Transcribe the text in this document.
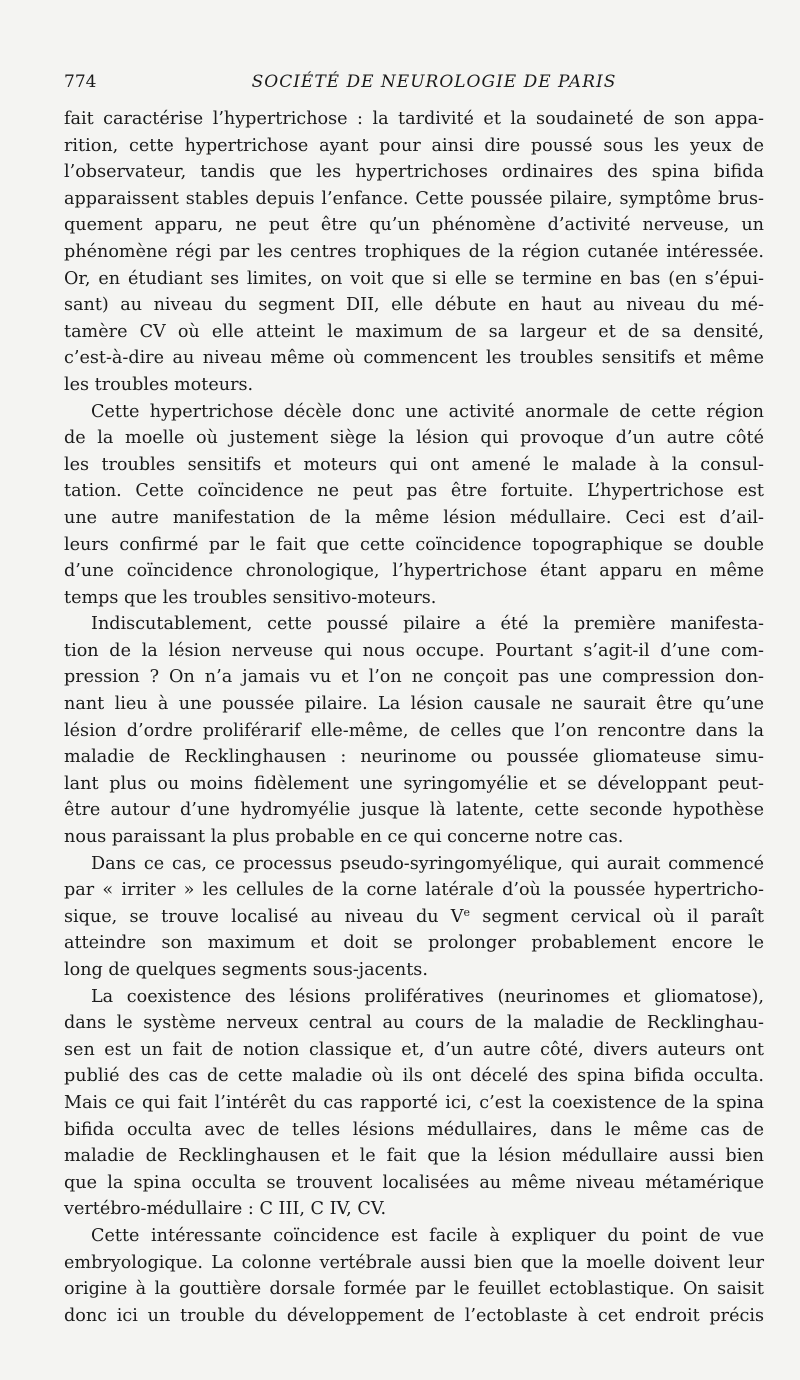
774	SOCIÉTÉ DE NEUROLOGIE DE PARIS
fait caractérise l’hypertrichose : la tardivité et la soudaineté de son appa-
rition, cette hypertrichose ayant pour ainsi dire poussé sous les yeux de
l’observateur, tandis que les hypertrichoses ordinaires des spina bifida
apparaissent stables depuis l’enfance. Cette poussée pilaire, symptôme brus-
quement apparu, ne peut être qu’un phénomène d’activité nerveuse, un
phénomène régi par les centres trophiques de la région cutanée intéressée.
Or, en étudiant ses limites, on voit que si elle se termine en bas (en s’épui-
sant) au niveau du segment DII, elle débute en haut au niveau du mé-
tamère CV où elle atteint le maximum de sa largeur et de sa densité,
c’est-à-dire au niveau même où commencent les troubles sensitifs et même
les troubles moteurs.
Cette hypertrichose décèle donc une activité anormale de cette région
de la moelle où justement siège la lésion qui provoque d’un autre côté
les troubles sensitifs et moteurs qui ont amené le malade à la consul-
tation. Cette coïncidence ne peut pas être fortuite. L’hypertrichose est
une autre manifestation de la même lésion médullaire. Ceci est d’ail-
leurs confirmé par le fait que cette coïncidence topographique se double
d’une coïncidence chronologique, l’hypertrichose étant apparu en même
temps que les troubles sensitivo-moteurs.
Indiscutablement, cette poussé pilaire a été la première manifesta-
tion de la lésion nerveuse qui nous occupe. Pourtant s’agit-il d’une com-
pression ? On n’a jamais vu et l’on ne conçoit pas une compression don-
nant lieu à une poussée pilaire. La lésion causale ne saurait être qu’une
lésion d’ordre proliférarif elle-même, de celles que l’on rencontre dans la
maladie de Recklinghausen : neurinome ou poussée gliomateuse simu-
lant plus ou moins fidèlement une syringomyélie et se développant peut-
être autour d’une hydromyélie jusque là latente, cette seconde hypothèse
nous paraissant la plus probable en ce qui concerne notre cas.
Dans ce cas, ce processus pseudo-syringomyélique, qui aurait commencé
par « irriter » les cellules de la corne latérale d’où la poussée hypertricho-
sique, se trouve localisé au niveau du Ve segment cervical où il paraît
atteindre son maximum et doit se prolonger probablement encore le
long de quelques segments sous-jacents.
La coexistence des lésions prolifératives (neurinomes et gliomatose),
dans le système nerveux central au cours de la maladie de Recklinghau-
sen est un fait de notion classique et, d’un autre côté, divers auteurs ont
publié des cas de cette maladie où ils ont décelé des spina bifida occulta.
Mais ce qui fait l’intérêt du cas rapporté ici, c’est la coexistence de la spina
bifida occulta avec de telles lésions médullaires, dans le même cas de
maladie de Recklinghausen et le fait que la lésion médullaire aussi bien
que la spina occulta se trouvent localisées au même niveau métamérique
vertébro-médullaire : C III, C IV, CV.
Cette intéressante coïncidence est facile à expliquer du point de vue
embryologique. La colonne vertébrale aussi bien que la moelle doivent leur
origine à la gouttière dorsale formée par le feuillet ectoblastique. On saisit
donc ici un trouble du développement de l’ectoblaste à cet endroit précis
